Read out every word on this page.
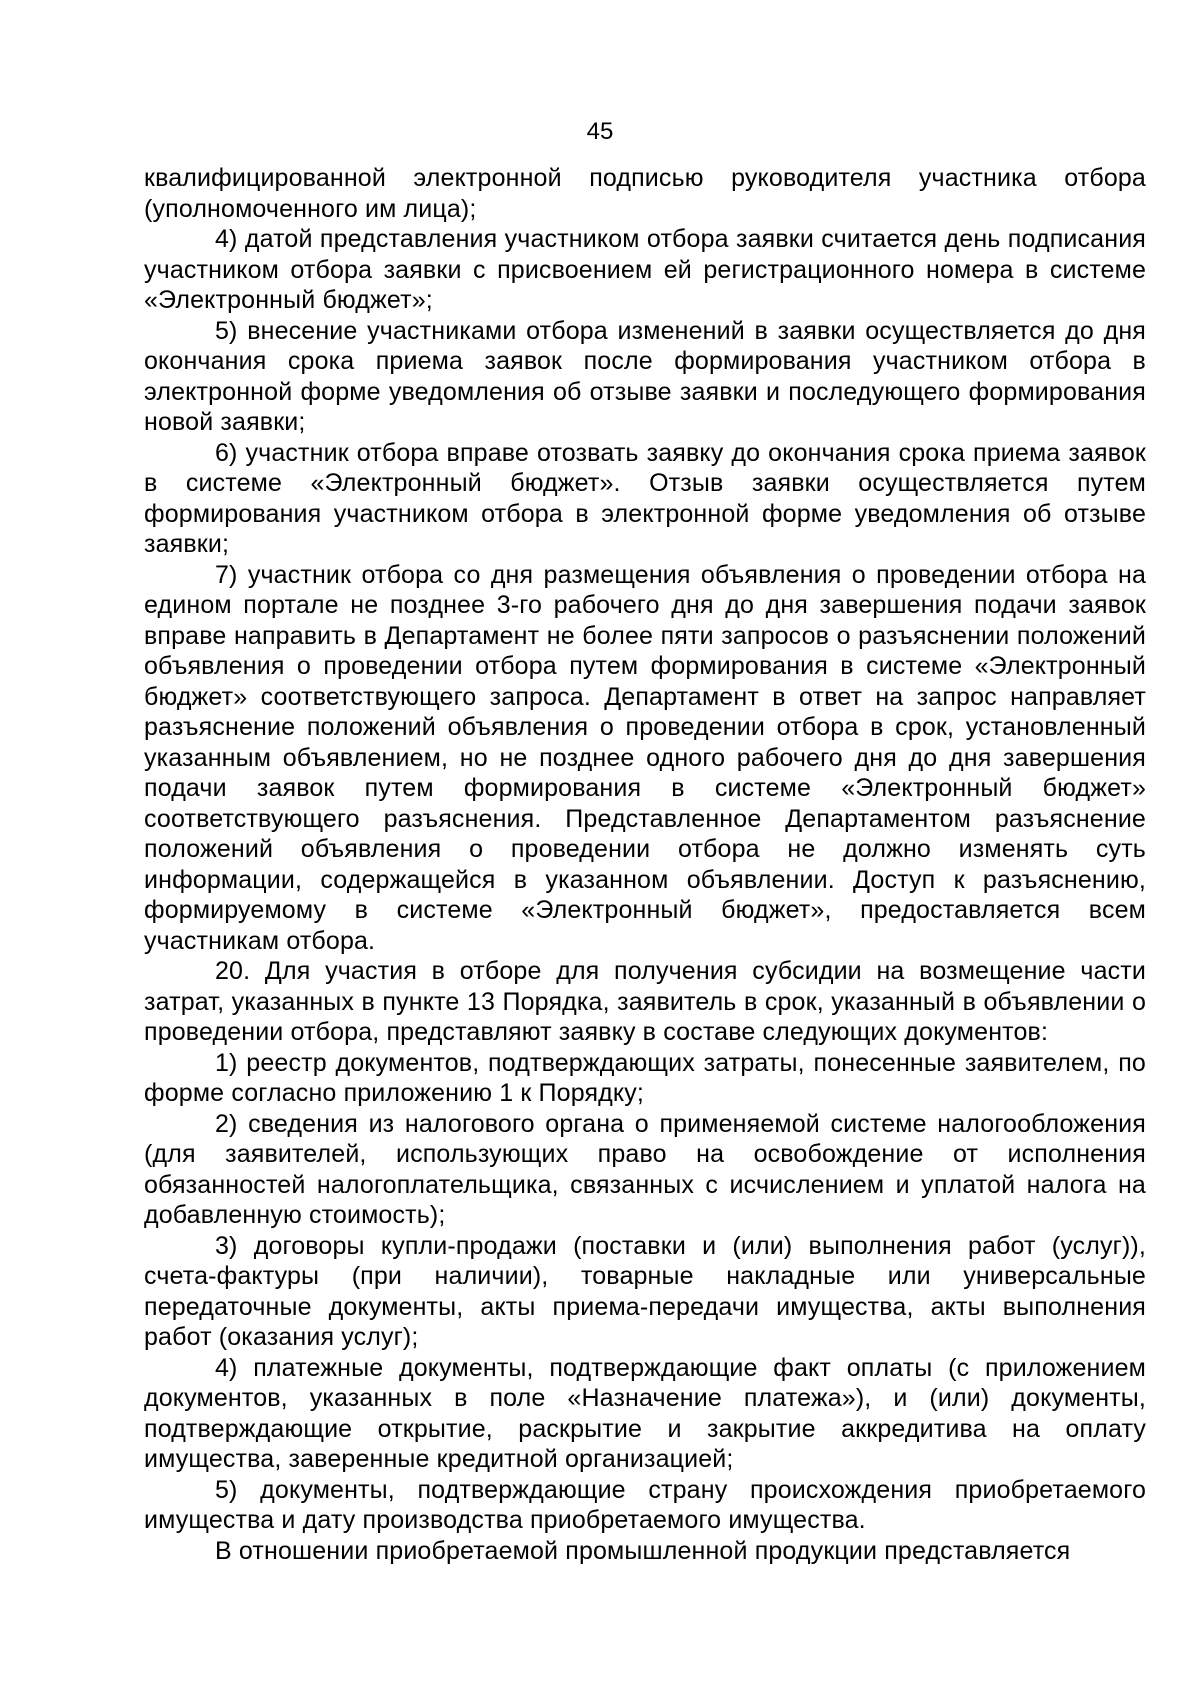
45

квалифицированной электронной подписью руководителя участника отбора (уполномоченного им лица);

4) датой представления участником отбора заявки считается день подписания участником отбора заявки с присвоением ей регистрационного номера в системе «Электронный бюджет»;

5) внесение участниками отбора изменений в заявки осуществляется до дня окончания срока приема заявок после формирования участником отбора в электронной форме уведомления об отзыве заявки и последующего формирования новой заявки;

6) участник отбора вправе отозвать заявку до окончания срока приема заявок в системе «Электронный бюджет». Отзыв заявки осуществляется путем формирования участником отбора в электронной форме уведомления об отзыве заявки;

7) участник отбора со дня размещения объявления о проведении отбора на едином портале не позднее 3-го рабочего дня до дня завершения подачи заявок вправе направить в Департамент не более пяти запросов о разъяснении положений объявления о проведении отбора путем формирования в системе «Электронный бюджет» соответствующего запроса. Департамент в ответ на запрос направляет разъяснение положений объявления о проведении отбора в срок, установленный указанным объявлением, но не позднее одного рабочего дня до дня завершения подачи заявок путем формирования в системе «Электронный бюджет» соответствующего разъяснения. Представленное Департаментом разъяснение положений объявления о проведении отбора не должно изменять суть информации, содержащейся в указанном объявлении. Доступ к разъяснению, формируемому в системе «Электронный бюджет», предоставляется всем участникам отбора.

20. Для участия в отборе для получения субсидии на возмещение части затрат, указанных в пункте 13 Порядка, заявитель в срок, указанный в объявлении о проведении отбора, представляют заявку в составе следующих документов:

1) реестр документов, подтверждающих затраты, понесенные заявителем, по форме согласно приложению 1 к Порядку;

2) сведения из налогового органа о применяемой системе налогообложения (для заявителей, использующих право на освобождение от исполнения обязанностей налогоплательщика, связанных с исчислением и уплатой налога на добавленную стоимость);

3) договоры купли-продажи (поставки и (или) выполнения работ (услуг)), счета-фактуры (при наличии), товарные накладные или универсальные передаточные документы, акты приема-передачи имущества, акты выполнения работ (оказания услуг);

4) платежные документы, подтверждающие факт оплаты (с приложением документов, указанных в поле «Назначение платежа»), и (или) документы, подтверждающие открытие, раскрытие и закрытие аккредитива на оплату имущества, заверенные кредитной организацией;

5) документы, подтверждающие страну происхождения приобретаемого имущества и дату производства приобретаемого имущества.

В отношении приобретаемой промышленной продукции представляется
